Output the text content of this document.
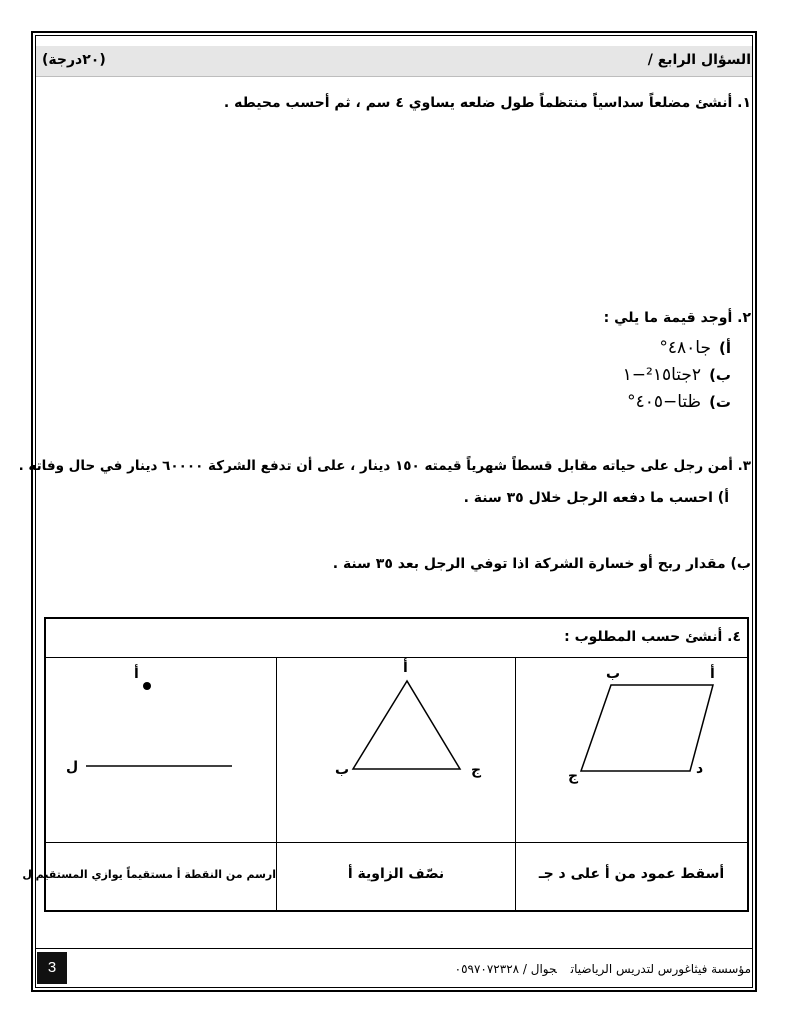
السؤال الرابع /
(٢٠درجة)
١. أنشئ مضلعاً سداسياً منتظماً طول ضلعه يساوي ٤ سم ، ثم أحسب محيطه .
٢. أوجد قيمة ما يلي :
أ)جا٤٨٠°
ب)٢جتا²١٥−١
ت)ظتا−٤٠٥°
٣. أمن رجل على حياته مقابل قسطاً شهرياً قيمته ١٥٠ دينار ، على أن تدفع الشركة ٦٠٠٠٠ دينار في حال وفاته .
أ) احسب ما دفعه الرجل خلال ٣٥ سنة .
ب) مقدار ربح أو خسارة الشركة اذا توفي الرجل بعد ٣٥ سنة .
٤. أنشئ حسب المطلوب :
ب	أ
ج	د
أ
ب	ج
أ
ل
أسقط عمود من أ على د جـ
نصّف الزاوية أ
ارسم من النقطة أ مستقيماً يوازي المستقيم ل
3	مؤسسة فيثاغورس لتدريس الرياضياتجوال / ٠٥٩٧٠٧٢٣٢٨
